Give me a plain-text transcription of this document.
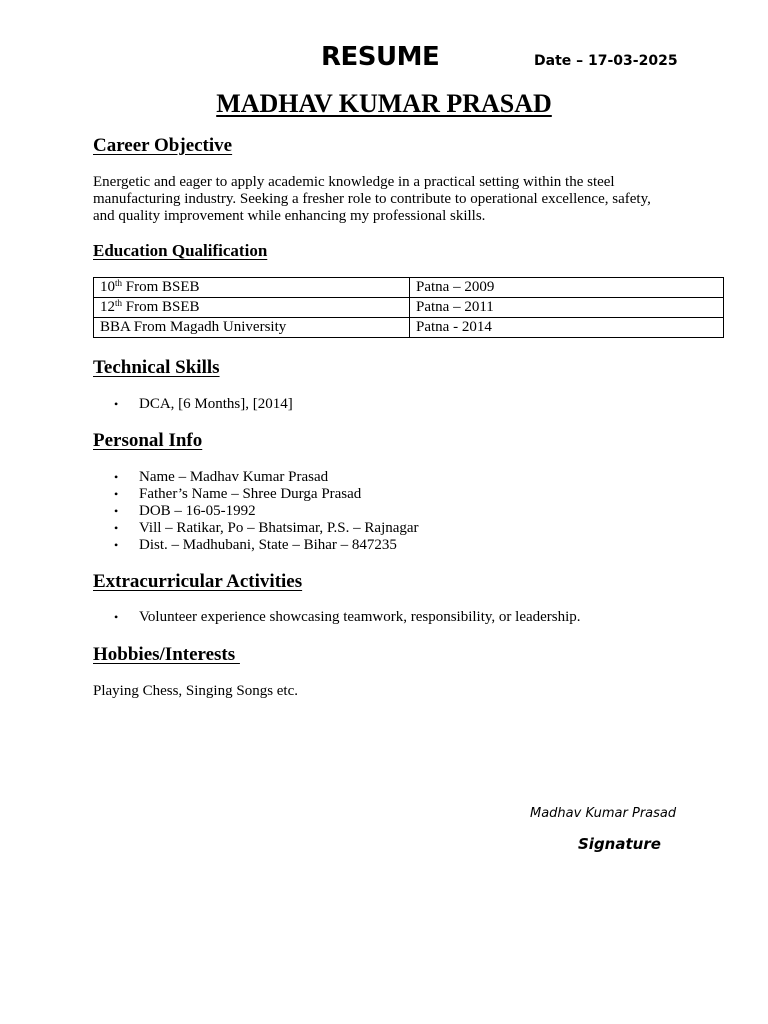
RESUME	Date – 17-03-2025
MADHAV KUMAR PRASAD
Career Objective
Energetic and eager to apply academic knowledge in a practical setting within the steel
manufacturing industry. Seeking a fresher role to contribute to operational excellence, safety,
and quality improvement while enhancing my professional skills.
Education Qualification
10th From BSEB	Patna – 2009
12th From BSEB	Patna – 2011
BBA From Magadh University	Patna - 2014
Technical Skills
• DCA, [6 Months], [2014]
Personal Info
• Name – Madhav Kumar Prasad
• Father’s Name – Shree Durga Prasad
• DOB – 16-05-1992
• Vill – Ratikar, Po – Bhatsimar, P.S. – Rajnagar
• Dist. – Madhubani, State – Bihar – 847235
Extracurricular Activities
• Volunteer experience showcasing teamwork, responsibility, or leadership.
Hobbies/Interests
Playing Chess, Singing Songs etc.
Madhav Kumar Prasad
Signature
